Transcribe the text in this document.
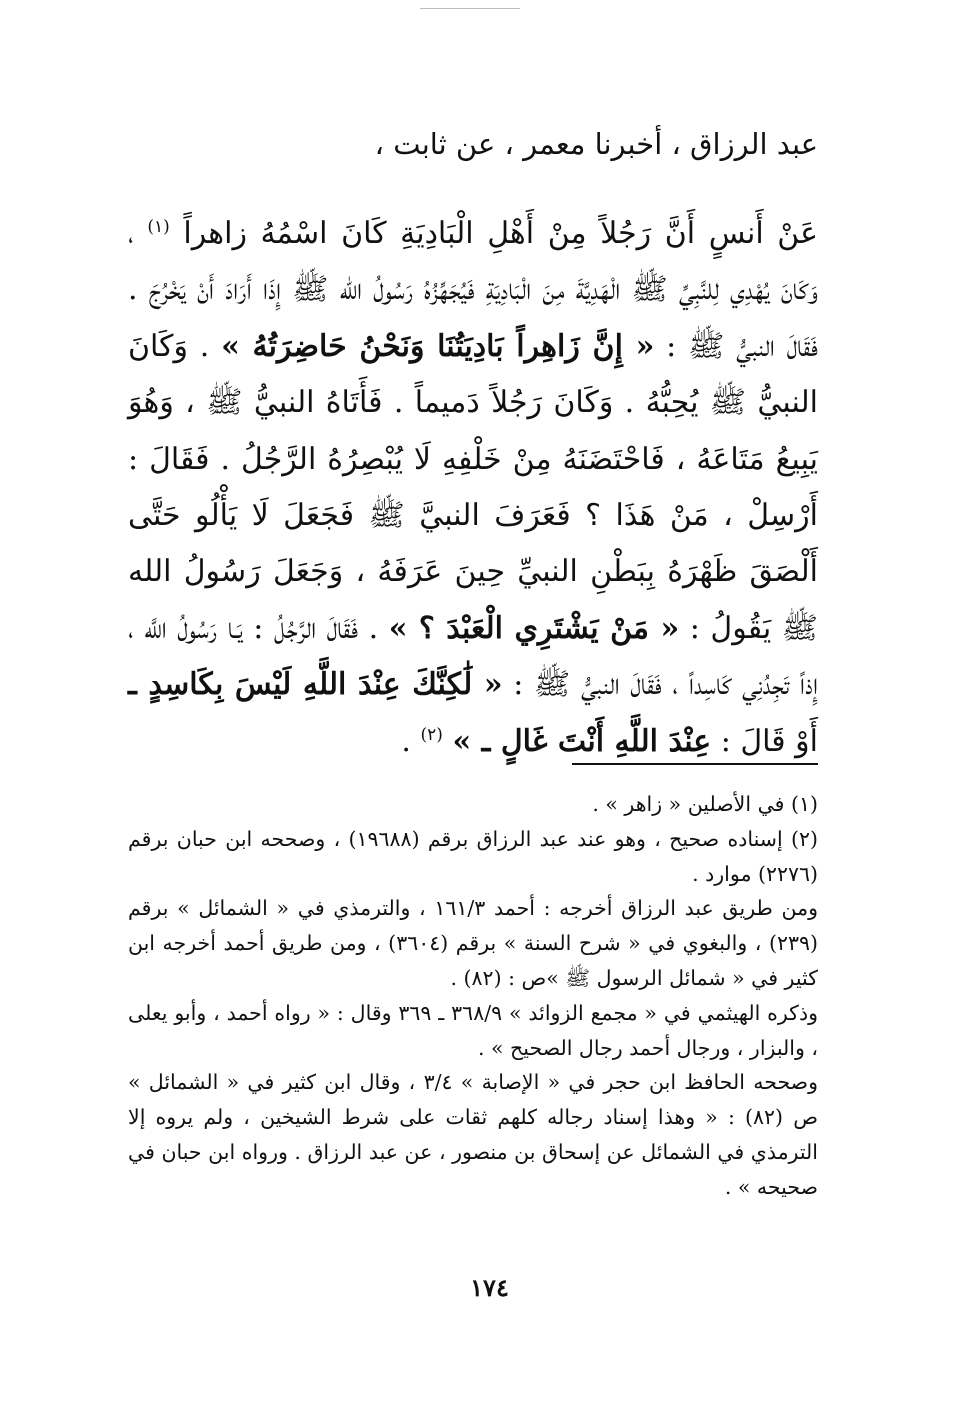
عبد الرزاق ، أخبرنا معمر ، عن ثابت ،

عَنْ أَنسٍ أَنَّ رَجُلاً مِنْ أَهْلِ الْبَادِيَةِ كَانَ اسْمُهُ زاهراً $^{(١)}$ ، وَكَانَ يُهْدِي لِلنَّبِيِّ ﷺ الْهَدِيَّةَ مِنَ الْبَادِيَةِ فَيُجَهِّزُهُ رَسُولُ الله ﷺ إِذَا أَرَادَ أَنْ يَخْرُجَ . فَقَالَ النبيُّ ﷺ : « إِنَّ زَاهِراً بَادِيَتُنَا وَنَحْنُ حَاضِرَتُهُ » . وَكَانَ النبيُّ ﷺ يُحِبُّهُ . وَكَانَ رَجُلاً دَميماً . فَأَتَاهُ النبيُّ ﷺ ، وَهُوَ يَبِيعُ مَتَاعَهُ ، فَاحْتَضَنَهُ مِنْ خَلْفِهِ لَا يُبْصِرُهُ الرَّجُلُ . فَقَالَ : أَرْسِلْ ، مَنْ هَذَا ؟ فَعَرَفَ النبيَّ ﷺ فَجَعَلَ لَا يَأْلُو حَتَّى أَلْصَقَ ظَهْرَهُ بِبَطْنِ النبيِّ حِينَ عَرَفَهُ ، وَجَعَلَ رَسُولُ الله ﷺ يَقُولُ : « مَنْ يَشْتَرِي الْعَبْدَ ؟ » . فَقَالَ الرَّجُلُ : يَـا رَسُولُ اللَّه ، إِذاً تَجِدُنِي كَاسِداً ، فَقَالَ النبيُّ ﷺ : « لَٰكِنَّكَ عِنْدَ اللَّهِ لَيْسَ بِكَاسِدٍ ـ أَوْ قَالَ : عِنْدَ اللَّهِ أَنْتَ غَالٍ ـ » $^{(٢)}$ .

(١) في الأصلين « زاهر » .

(٢) إسناده صحيح ، وهو عند عبد الرزاق برقم (١٩٦٨٨) ، وصححه ابن حبان برقم (٢٢٧٦) موارد .

ومن طريق عبد الرزاق أخرجه : أحمد ١٦١/٣ ، والترمذي في « الشمائل » برقم (٢٣٩) ، والبغوي في « شرح السنة » برقم (٣٦٠٤) ، ومن طريق أحمد أخرجه ابن كثير في « شمائل الرسول ﷺ »ص : (٨٢) .

وذكره الهيثمي في « مجمع الزوائد » ٣٦٨/٩ ـ ٣٦٩ وقال : « رواه أحمد ، وأبو يعلى ، والبزار ، ورجال أحمد رجال الصحيح » .

وصححه الحافظ ابن حجر في « الإصابة » ٣/٤ ، وقال ابن كثير في « الشمائل » ص (٨٢) : « وهذا إسناد رجاله كلهم ثقات على شرط الشيخين ، ولم يروه إلا الترمذي في الشمائل عن إسحاق بن منصور ، عن عبد الرزاق . ورواه ابن حبان في صحيحه » .

١٧٤
